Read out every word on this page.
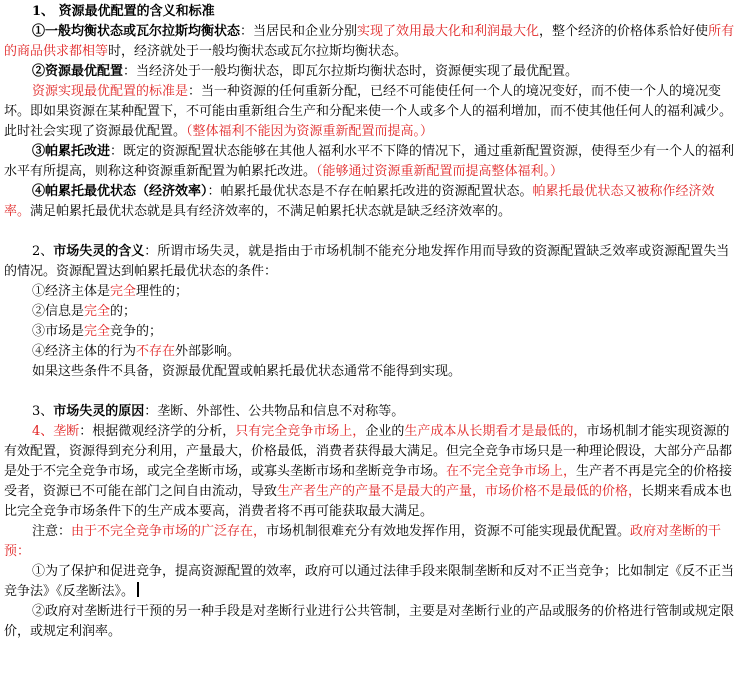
1、 资源最优配置的含义和标准

①一般均衡状态或瓦尔拉斯均衡状态：当居民和企业分别实现了效用最大化和利润最大化，整个经济的价格体系恰好使所有的商品供求都相等时，经济就处于一般均衡状态或瓦尔拉斯均衡状态。

②资源最优配置：当经济处于一般均衡状态，即瓦尔拉斯均衡状态时，资源便实现了最优配置。

资源实现最优配置的标准是：当一种资源的任何重新分配，已经不可能使任何一个人的境况变好，而不使一个人的境况变坏。即如果资源在某种配置下，不可能由重新组合生产和分配来使一个人或多个人的福利增加，而不使其他任何人的福利减少。此时社会实现了资源最优配置。（整体福利不能因为资源重新配置而提高。）

③帕累托改进：既定的资源配置状态能够在其他人福利水平不下降的情况下，通过重新配置资源，使得至少有一个人的福利水平有所提高，则称这种资源重新配置为帕累托改进。（能够通过资源重新配置而提高整体福利。）

④帕累托最优状态（经济效率）：帕累托最优状态是不存在帕累托改进的资源配置状态。帕累托最优状态又被称作经济效率。满足帕累托最优状态就是具有经济效率的，不满足帕累托状态就是缺乏经济效率的。

2、市场失灵的含义：所谓市场失灵，就是指由于市场机制不能充分地发挥作用而导致的资源配置缺乏效率或资源配置失当的情况。资源配置达到帕累托最优状态的条件：

①经济主体是完全理性的；

②信息是完全的；

③市场是完全竞争的；

④经济主体的行为不存在外部影响。

如果这些条件不具备，资源最优配置或帕累托最优状态通常不能得到实现。

3、市场失灵的原因：垄断、外部性、公共物品和信息不对称等。

4、垄断：根据微观经济学的分析，只有完全竞争市场上，企业的生产成本从长期看才是最低的，市场机制才能实现资源的有效配置，资源得到充分利用，产量最大，价格最低，消费者获得最大满足。但完全竞争市场只是一种理论假设，大部分产品都是处于不完全竞争市场，或完全垄断市场，或寡头垄断市场和垄断竞争市场。在不完全竞争市场上，生产者不再是完全的价格接受者，资源已不可能在部门之间自由流动，导致生产者生产的产量不是最大的产量，市场价格不是最低的价格，长期来看成本也比完全竞争市场条件下的生产成本要高，消费者将不再可能获取最大满足。

注意：由于不完全竞争市场的广泛存在，市场机制很难充分有效地发挥作用，资源不可能实现最优配置。政府对垄断的干预：

①为了保护和促进竞争，提高资源配置的效率，政府可以通过法律手段来限制垄断和反对不正当竞争；比如制定《反不正当竞争法》《反垄断法》。

②政府对垄断进行干预的另一种手段是对垄断行业进行公共管制，主要是对垄断行业的产品或服务的价格进行管制或规定限价，或规定利润率。
